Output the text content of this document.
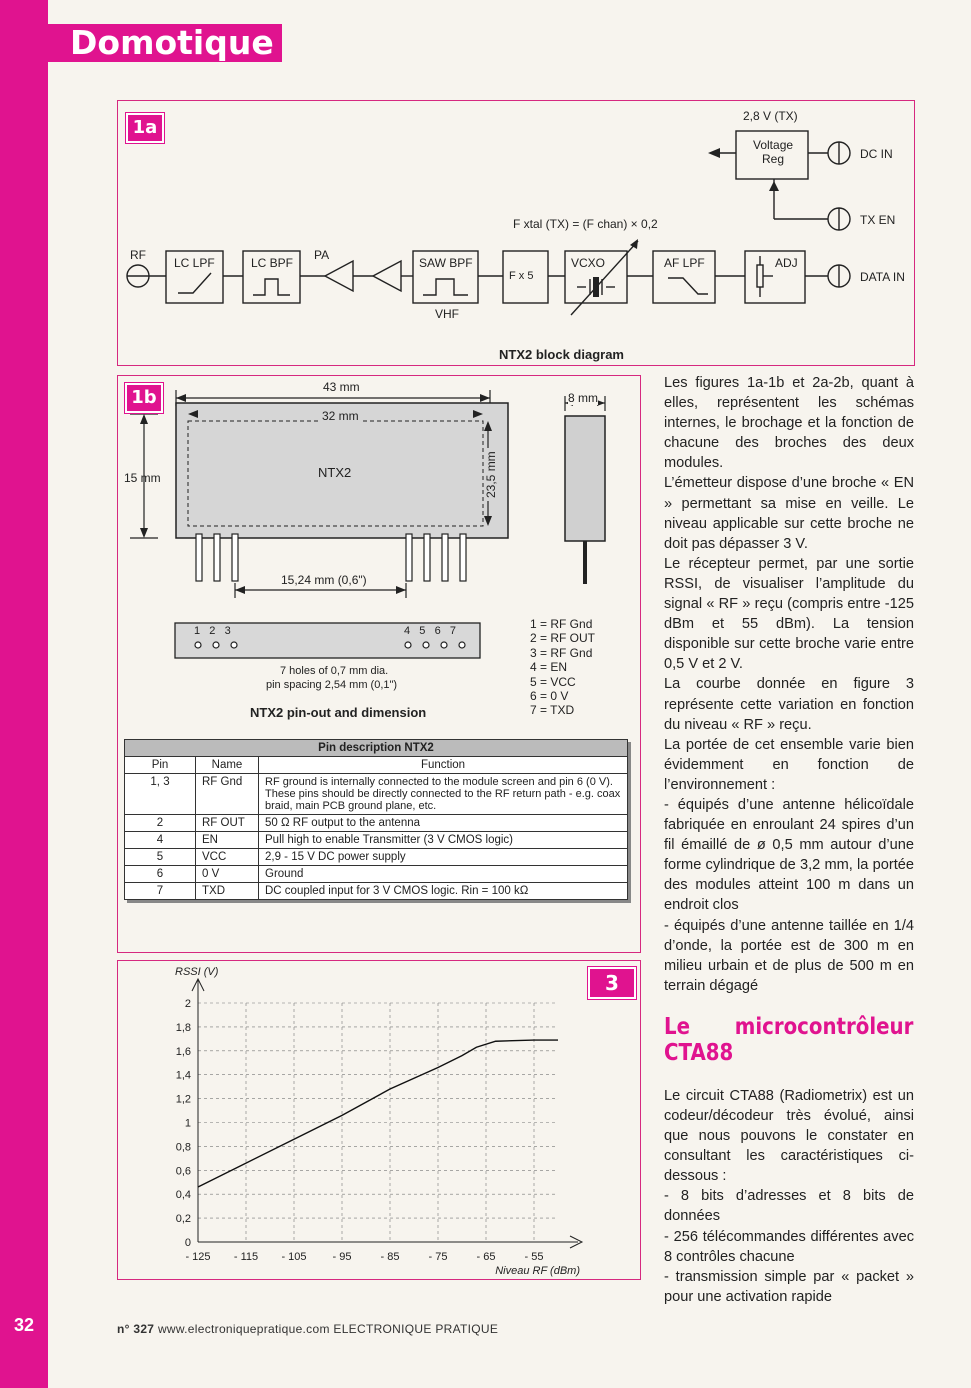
Domotique
1a
RF
LC LPF	LC BPF
PA
SAW BPF
VHF
F x 5
VCXO	AF LPF	ADJ
DATA IN
TX EN
DC IN
Voltage
Reg
2,8 V (TX)
F xtal (TX) = (F chan) × 0,2
NTX2 block diagram
1b	43 mm
32 mm
15 mm	23,5 mm
8 mm
NTX2
15,24 mm (0,6")
1   2   3	4   5   6   7
7 holes of 0,7 mm dia.
pin spacing 2,54 mm (0,1")
NTX2 pin-out and dimension
1 = RF Gnd
2 = RF OUT
3 = RF Gnd
4 = EN
5 = VCC
6 = 0 V
7 = TXD
Pin description NTX2		
Pin	Name	Function
1, 3	RF Gnd	RF ground is internally connected to the module screen and pin 6 (0 V). These pins should be directly connected to the RF return path - e.g. coax braid, main PCB ground plane, etc.
2	RF OUT	50 Ω RF output to the antenna
4	EN	Pull high to enable Transmitter (3 V CMOS logic)
5	VCC	2,9 - 15 V DC power supply
6	0 V	Ground
7	TXD	DC coupled input for 3 V CMOS logic. Rin = 100 kΩ
0
0,2
0,4
0,6
0,8
1
1,2
1,4
1,6
1,8
2
- 125 - 115 - 105 - 95	- 85	- 75	- 65	- 55
RSSI (V)
Niveau RF (dBm)
3

Les figures 1a-1b et 2a-2b, quant à elles, représentent les schémas internes, le brochage et la fonction de chacune des broches des deux modules.

L’émetteur dispose d’une broche « EN » permettant sa mise en veille. Le niveau applicable sur cette broche ne doit pas dépasser 3 V.

Le récepteur permet, par une sortie RSSI, de visualiser l’amplitude du signal « RF » reçu (compris entre -125 dBm et 55 dBm). La tension disponible sur cette broche varie entre 0,5 V et 2 V.

La courbe donnée en figure 3 représente cette variation en fonction du niveau « RF » reçu.

La portée de cet ensemble varie bien évidemment en fonction de l’environnement :

- équipés d’une antenne hélicoïdale fabriquée en enroulant 24 spires d’un fil émaillé de ø 0,5 mm autour d’une forme cylindrique de 3,2 mm, la portée des modules atteint 100 m dans un endroit clos

- équipés d’une antenne taillée en 1/4 d’onde, la portée est de 300 m en milieu urbain et de plus de 500 m en terrain dégagé

Le microcontrôleur CTA88

Le circuit CTA88 (Radiometrix) est un codeur/décodeur très évolué, ainsi que nous pouvons le constater en consultant les caractéristiques ci-dessous :

- 8 bits d’adresses et 8 bits de données

- 256 télécommandes différentes avec 8 contrôles chacune

- transmission simple par « packet » pour une activation rapide

32	n° 327 www.electroniquepratique.com ELECTRONIQUE PRATIQUE
